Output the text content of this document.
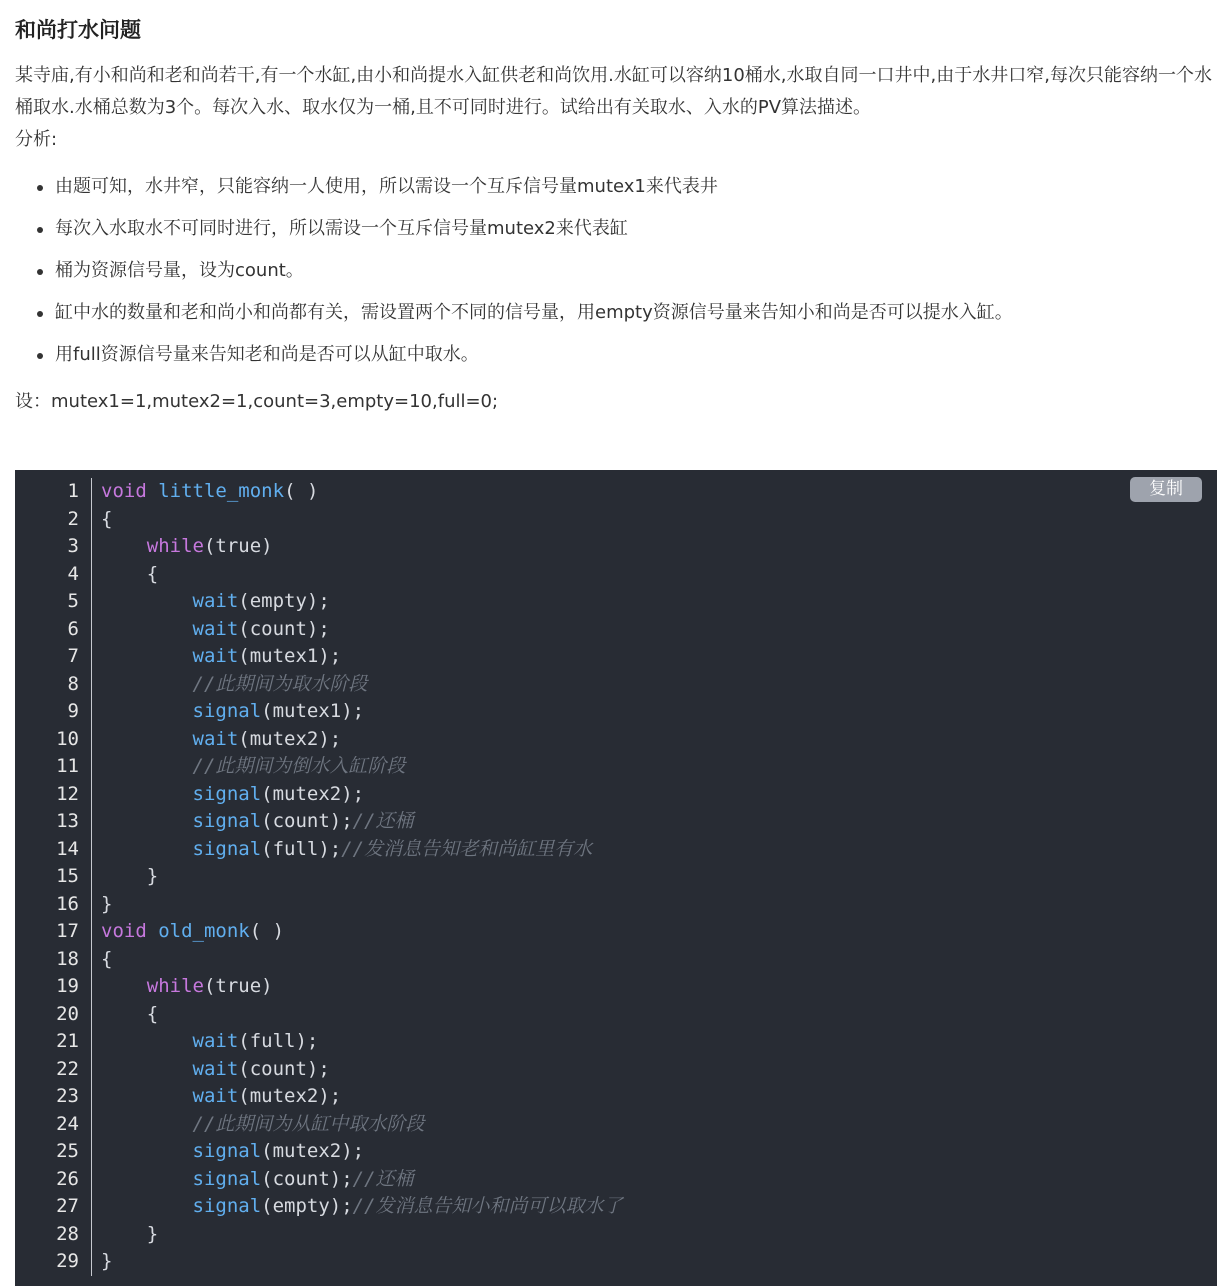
和尚打水问题

某寺庙,有小和尚和老和尚若干,有一个水缸,由小和尚提水入缸供老和尚饮用.水缸可以容纳10桶水,水取自同一口井中,由于水井口窄,每次只能容纳一个水桶取水.水桶总数为3个。每次入水、取水仅为一桶,且不可同时进行。试给出有关取水、入水的PV算法描述。

分析:

由题可知，水井窄，只能容纳一人使用，所以需设一个互斥信号量mutex1来代表井
每次入水取水不可同时进行，所以需设一个互斥信号量mutex2来代表缸
桶为资源信号量，设为count。
缸中水的数量和老和尚小和尚都有关，需设置两个不同的信号量，用empty资源信号量来告知小和尚是否可以提水入缸。
用full资源信号量来告知老和尚是否可以从缸中取水。

设：mutex1=1,mutex2=1,count=3,empty=10,full=0;

1
2
3
4
5
6
7
8
9
10
11
12
13
14
15
16
17
18
19
20
21
22
23
24
25
26
27
28
29
void little_monk( )
{
while(true)
{
wait(empty);
wait(count);
wait(mutex1);
//此期间为取水阶段
signal(mutex1);
wait(mutex2);
//此期间为倒水入缸阶段
signal(mutex2);
signal(count);//还桶
signal(full);//发消息告知老和尚缸里有水
}
}
void old_monk( )
{
while(true)
{
wait(full);
wait(count);
wait(mutex2);
//此期间为从缸中取水阶段
signal(mutex2);
signal(count);//还桶
signal(empty);//发消息告知小和尚可以取水了
}
}
复制
